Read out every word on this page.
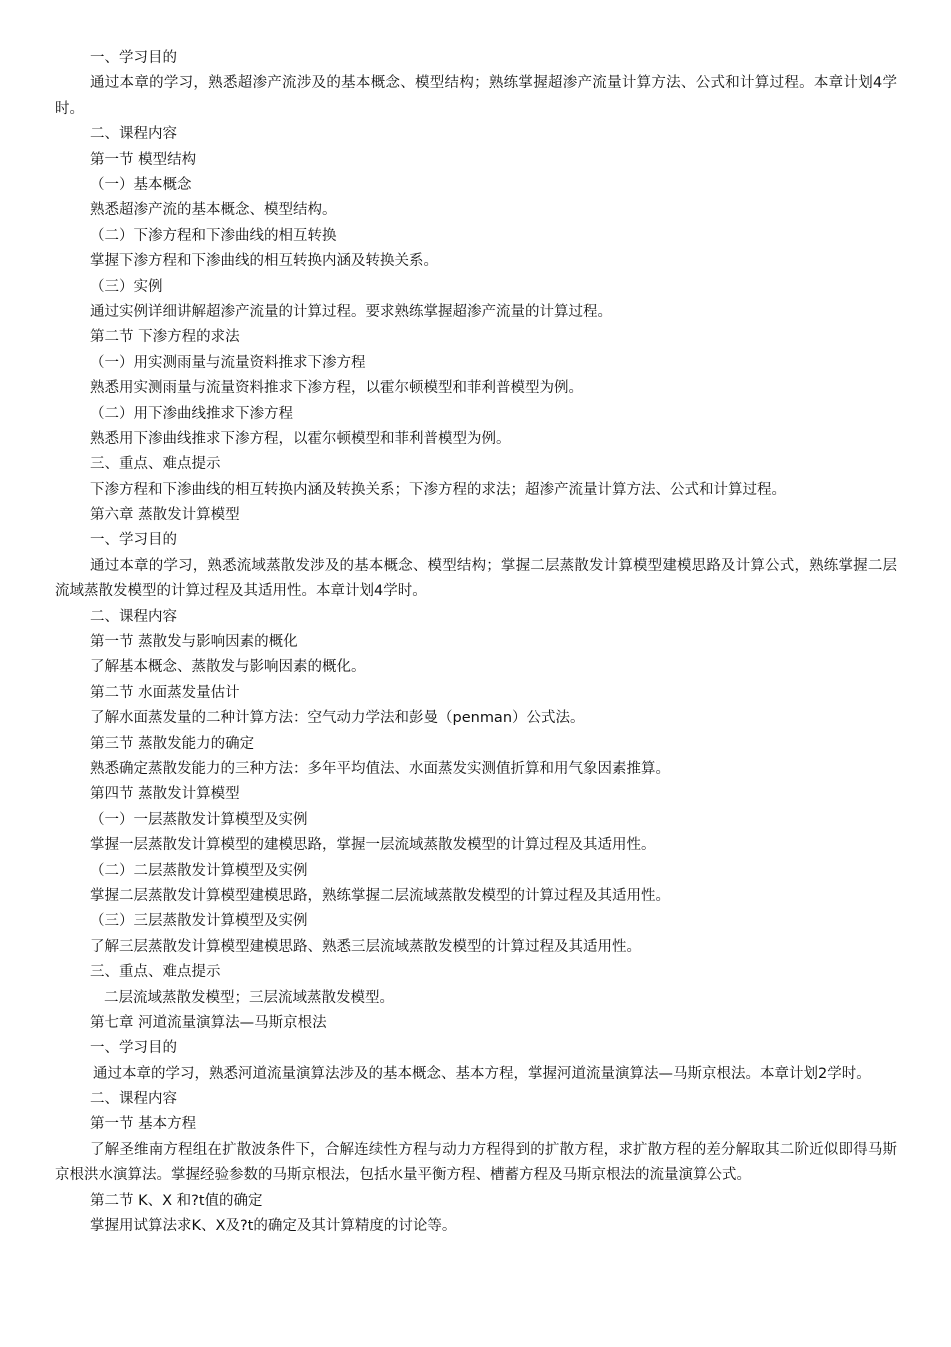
一、学习目的

通过本章的学习，熟悉超渗产流涉及的基本概念、模型结构；熟练掌握超渗产流量计算方法、公式和计算过程。本章计划4学时。

二、课程内容

第一节 模型结构

（一）基本概念

熟悉超渗产流的基本概念、模型结构。

（二）下渗方程和下渗曲线的相互转换

掌握下渗方程和下渗曲线的相互转换内涵及转换关系。

（三）实例

通过实例详细讲解超渗产流量的计算过程。要求熟练掌握超渗产流量的计算过程。

第二节 下渗方程的求法

（一）用实测雨量与流量资料推求下渗方程

熟悉用实测雨量与流量资料推求下渗方程，以霍尔顿模型和菲利普模型为例。

（二）用下渗曲线推求下渗方程

熟悉用下渗曲线推求下渗方程，以霍尔顿模型和菲利普模型为例。

三、重点、难点提示

下渗方程和下渗曲线的相互转换内涵及转换关系；下渗方程的求法；超渗产流量计算方法、公式和计算过程。

第六章 蒸散发计算模型

一、学习目的

通过本章的学习，熟悉流域蒸散发涉及的基本概念、模型结构；掌握二层蒸散发计算模型建模思路及计算公式，熟练掌握二层流域蒸散发模型的计算过程及其适用性。本章计划4学时。

二、课程内容

第一节 蒸散发与影响因素的概化

了解基本概念、蒸散发与影响因素的概化。

第二节 水面蒸发量估计

了解水面蒸发量的二种计算方法：空气动力学法和彭曼（penman）公式法。

第三节 蒸散发能力的确定

熟悉确定蒸散发能力的三种方法：多年平均值法、水面蒸发实测值折算和用气象因素推算。

第四节 蒸散发计算模型

（一）一层蒸散发计算模型及实例

掌握一层蒸散发计算模型的建模思路，掌握一层流域蒸散发模型的计算过程及其适用性。

（二）二层蒸散发计算模型及实例

掌握二层蒸散发计算模型建模思路，熟练掌握二层流域蒸散发模型的计算过程及其适用性。

（三）三层蒸散发计算模型及实例

了解三层蒸散发计算模型建模思路、熟悉三层流域蒸散发模型的计算过程及其适用性。

三、重点、难点提示

二层流域蒸散发模型；三层流域蒸散发模型。

第七章 河道流量演算法—马斯京根法

一、学习目的

通过本章的学习，熟悉河道流量演算法涉及的基本概念、基本方程，掌握河道流量演算法—马斯京根法。本章计划2学时。

二、课程内容

第一节 基本方程

了解圣维南方程组在扩散波条件下，合解连续性方程与动力方程得到的扩散方程，求扩散方程的差分解取其二阶近似即得马斯京根洪水演算法。掌握经验参数的马斯京根法，包括水量平衡方程、槽蓄方程及马斯京根法的流量演算公式。

第二节 K、X 和?t值的确定

掌握用试算法求K、X及?t的确定及其计算精度的讨论等。
